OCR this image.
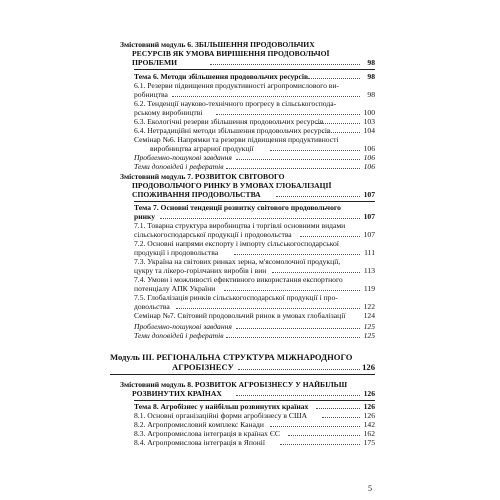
Змістовний модуль 6. ЗБІЛЬШЕННЯ ПРОДОВОЛЬЧИХ
РЕСУРСІВ ЯК УМОВА ВИРІШЕННЯ ПРОДОВОЛЬЧОЇ
ПРОБЛЕМИ	98
Тема 6. Методи збільшення продовольчих ресурсів	98
6.1. Резерви підвищення продуктивності агропромислового ви-
робництва	98
6.2. Тенденції науково-технічного прогресу в сільськогоспода-
рському виробництві	100
6.3. Екологічні резерви збільшення продовольчих ресурсів	103
6.4. Нетрадиційні методи збільшення продовольчих ресурсів	104
Семінар №6. Напрямки та резерви підвищення продуктивності
виробництва аграрної продукції	106
Проблемно-пошукові завдання	106
Теми доповідей і рефератів	106
Змістовний модуль 7. РОЗВИТОК СВІТОВОГО
ПРОДОВОЛЬЧОГО РИНКУ В УМОВАХ ГЛОБАЛІЗАЦІЇ
СПОЖИВАННЯ ПРОДОВОЛЬСТВА	107
Тема 7. Основні тенденції розвитку світового продовольчого
ринку	107
7.1. Товарна структура виробництва і торгівлі основними видами
сільськогосподарської продукції і продовольства	107
7.2. Основні напрями експорту і імпорту сільськогосподарської
продукції і продовольства	111
7.3. Україна на світових ринках зерна, м'ясомолочної продукції,
цукру та лікеро-горілчаних виробів і вин	113
7.4. Умови і можливості ефективного використання експортного
потенціалу АПК України	119
7.5. Глобалізація ринків сільськогосподарської продукції і про-
довольства	122
Семінар №7. Світовий продовольчий ринок в умовах глобалізації	124
Проблемно-пошукові завдання	125
Теми доповідей і рефератів	125
Модуль III. РЕГІОНАЛЬНА СТРУКТУРА МІЖНАРОДНОГО
АГРОБІЗНЕСУ	126
Змістовний модуль 8. РОЗВИТОК АГРОБІЗНЕСУ У НАЙБІЛЬШ
РОЗВИНУТИХ КРАЇНАХ	126
Тема 8. Агробізнес у найбільш розвинутих країнах	126
8.1. Основні організаційні форми агробізнесу в США	126
8.2. Агропромисловий комплекс Канади	142
8.3. Агропромислова інтеграція в країнах ЄС	162
8.4. Агропромислова інтеграція в Японії	175
5
